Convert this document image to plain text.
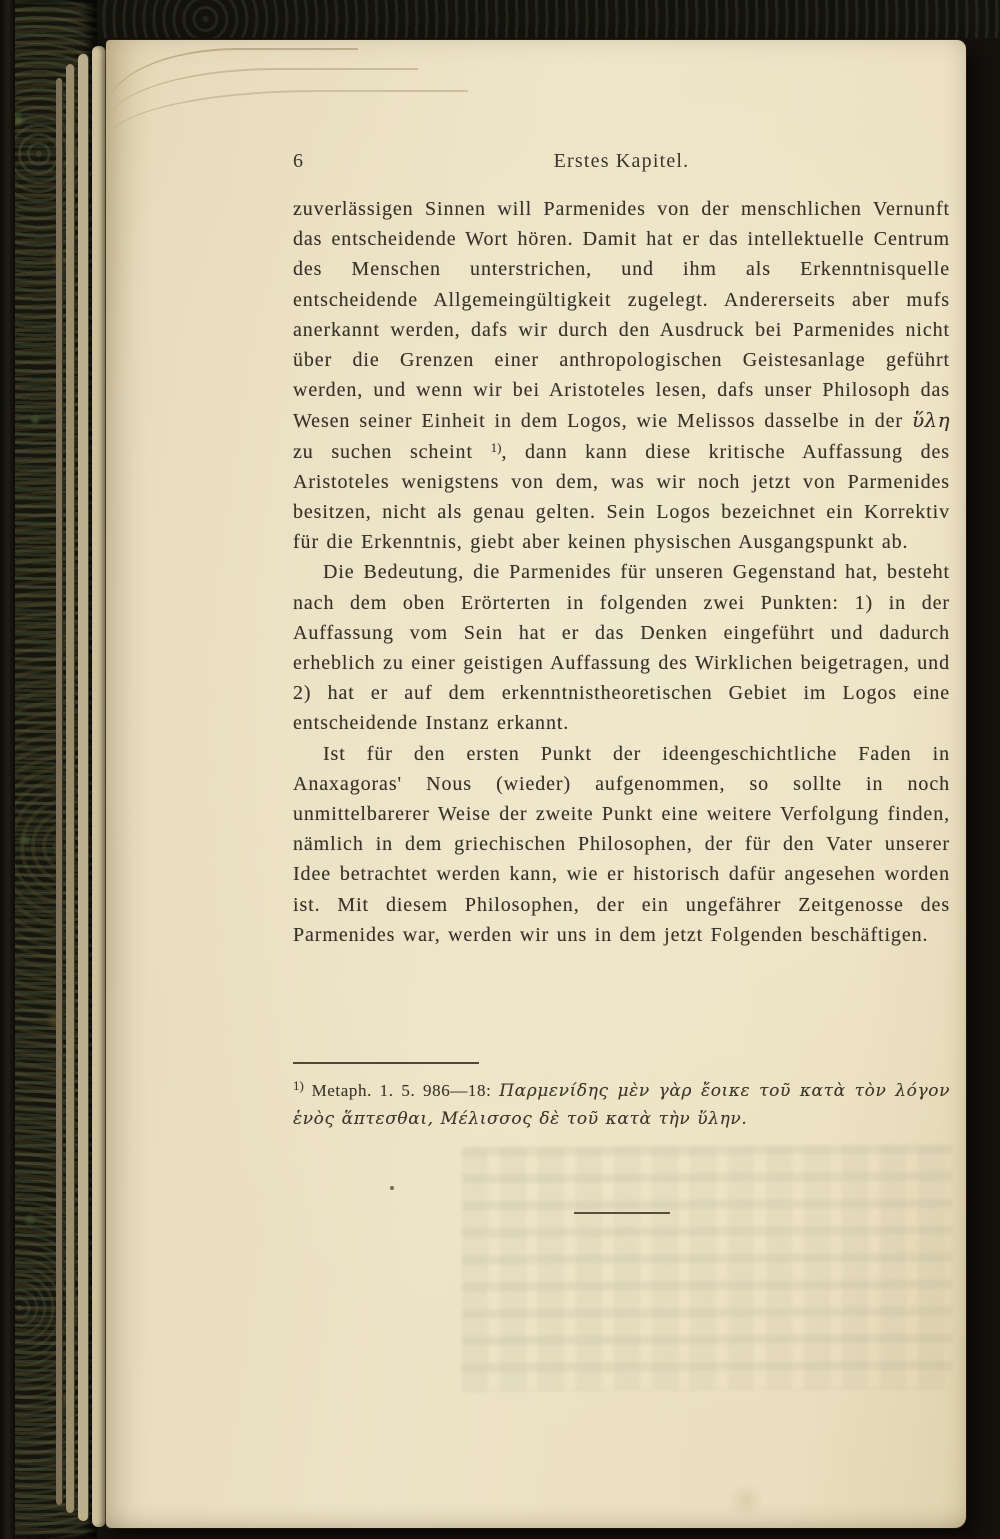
6	Erstes Kapitel.

zuverlässigen Sinnen will Parmenides von der menschlichen Vernunft das entscheidende Wort hören. Damit hat er das intellektuelle Centrum des Menschen unterstrichen, und ihm als Erkenntnisquelle entscheidende Allgemeingültigkeit zugelegt. Andererseits aber mufs anerkannt werden, dafs wir durch den Ausdruck bei Parmenides nicht über die Grenzen einer anthropologischen Geistesanlage geführt werden, und wenn wir bei Aristoteles lesen, dafs unser Philosoph das Wesen seiner Einheit in dem Logos, wie Melissos dasselbe in der ὕλη zu suchen scheint $^{1)}$, dann kann diese kritische Auffassung des Aristoteles wenigstens von dem, was wir noch jetzt von Parmenides besitzen, nicht als genau gelten. Sein Logos bezeichnet ein Korrektiv für die Erkenntnis, giebt aber keinen physischen Ausgangspunkt ab.

Die Bedeutung, die Parmenides für unseren Gegenstand hat, besteht nach dem oben Erörterten in folgenden zwei Punkten: 1) in der Auffassung vom Sein hat er das Denken eingeführt und dadurch erheblich zu einer geistigen Auffassung des Wirklichen beigetragen, und 2) hat er auf dem erkenntnistheoretischen Gebiet im Logos eine entscheidende Instanz erkannt.

Ist für den ersten Punkt der ideengeschichtliche Faden in Anaxagoras' Nous (wieder) aufgenommen, so sollte in noch unmittelbarerer Weise der zweite Punkt eine weitere Verfolgung finden, nämlich in dem griechischen Philosophen, der für den Vater unserer Idee betrachtet werden kann, wie er historisch dafür angesehen worden ist. Mit diesem Philosophen, der ein ungefährer Zeitgenosse des Parmenides war, werden wir uns in dem jetzt Folgenden beschäftigen.

$^{1)}$ Metaph. 1. 5. 986—18: Παρμενίδης μὲν γὰρ ἔοικε τοῦ κατὰ τὸν λόγον ἑνὸς ἅπτεσθαι, Μέλισσος δὲ τοῦ κατὰ τὴν ὕλην.
